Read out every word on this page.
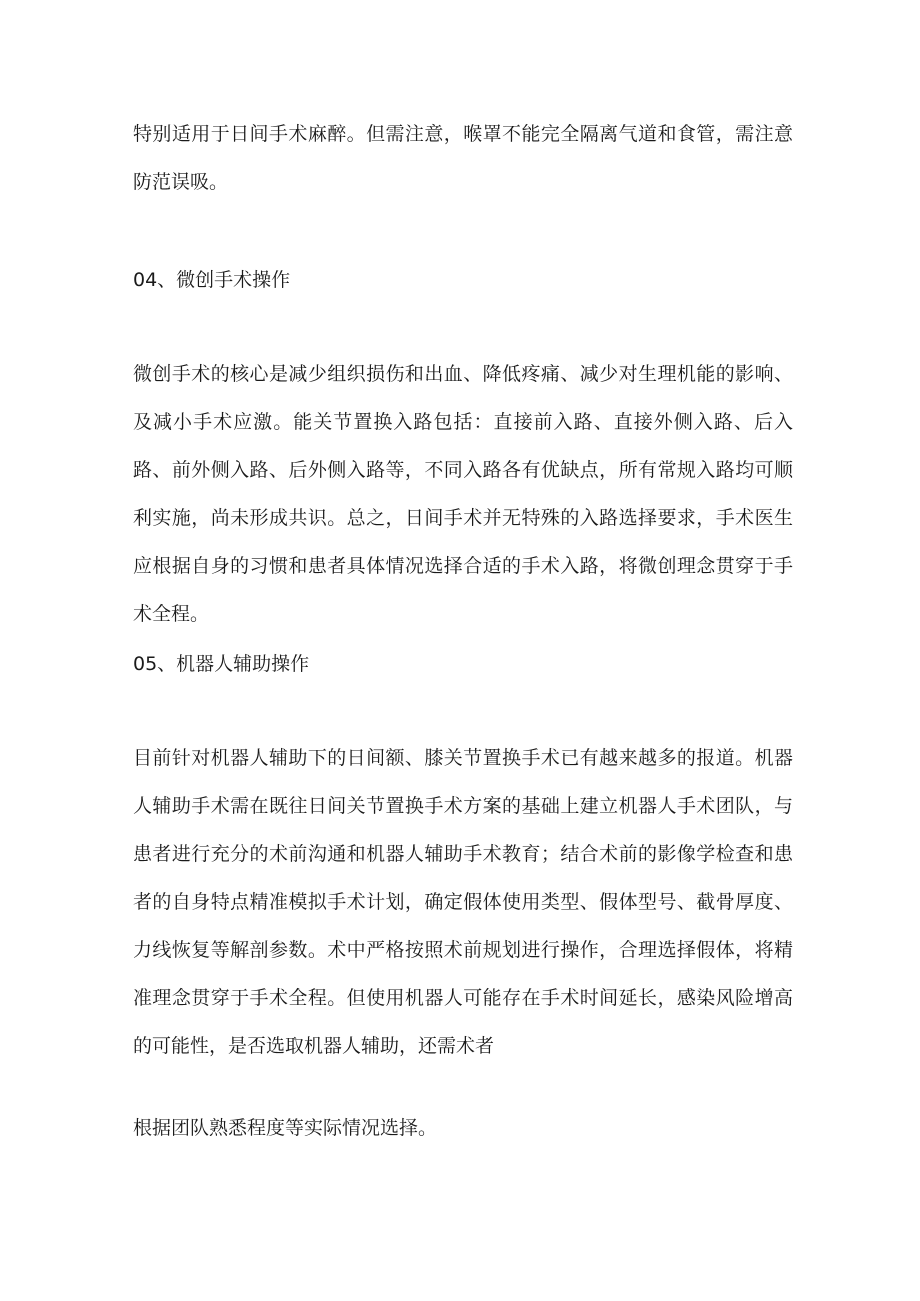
特别适用于日间手术麻醉。但需注意，喉罩不能完全隔离气道和食管，需注意防范误吸。

04、微创手术操作

微创手术的核心是减少组织损伤和出血、降低疼痛、减少对生理机能的影响、及减小手术应激。能关节置换入路包括：直接前入路、直接外侧入路、后入路、前外侧入路、后外侧入路等，不同入路各有优缺点，所有常规入路均可顺利实施，尚未形成共识。总之，日间手术并无特殊的入路选择要求，手术医生应根据自身的习惯和患者具体情况选择合适的手术入路，将微创理念贯穿于手术全程。

05、机器人辅助操作

目前针对机器人辅助下的日间额、膝关节置换手术已有越来越多的报道。机器人辅助手术需在既往日间关节置换手术方案的基础上建立机器人手术团队，与患者进行充分的术前沟通和机器人辅助手术教育；结合术前的影像学检查和患者的自身特点精准模拟手术计划，确定假体使用类型、假体型号、截骨厚度、力线恢复等解剖参数。术中严格按照术前规划进行操作，合理选择假体，将精准理念贯穿于手术全程。但使用机器人可能存在手术时间延长，感染风险增高的可能性，是否选取机器人辅助，还需术者

根据团队熟悉程度等实际情况选择。
